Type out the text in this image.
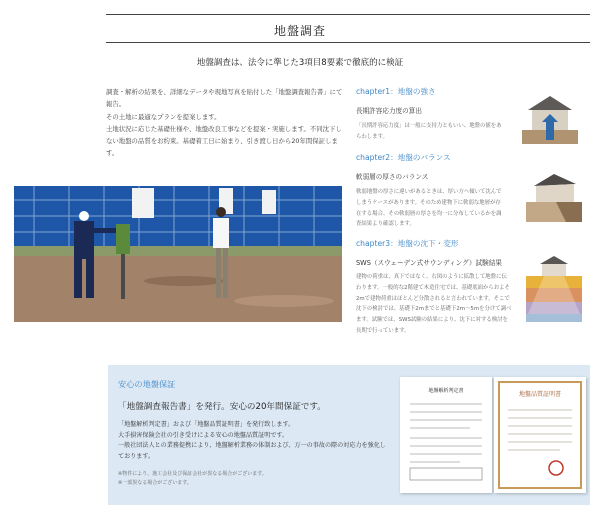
地盤調査
地盤調査は、法令に準じた3項目8要素で徹底的に検証

調査・解析の結果を、詳細なデータや現地写真を貼付した「地盤調査報告書」にて報告。

その土地に最適なプランを提案します。

土地状況に応じた基礎仕様や、地盤改良工事などを提案・実施します。不同沈下しない地盤の品質をお約束。基礎着工日に始まり、引き渡し日から20年間保証します。

chapter1：地盤の強さ
長期許容応力度の算出

「長期許容応力度」は一般に支持力ともいい、地盤の値をあらわします。

chapter2：地盤のバランス
軟弱層の厚さのバランス

軟弱地盤の厚さに違いがあるときは、厚い方へ傾いて沈んでしまうケースがあります。そのため建物下に軟弱な地層が存在する場合、その軟弱層の厚さを均一に分布しているかを調査結果より確認します。

chapter3：地盤の沈下・変形
SWS（スウェーデン式サウンディング）試験結果

建物の荷重は、真下ではなく、右図のように拡散して地盤に伝わります。一般的な2階建て木造住宅では、基礎底面からおよそ2mで建物荷重はほとんど分散されると言われています。そこで沈下の検討では、基礎下2mまでと基礎下2m〜5mを分けて調べます。試験では、SWS試験の結果により、沈下に対する検討を長期で行っています。

安心の地盤保証
「地盤調査報告書」を発行。安心の20年間保証です。

「地盤解析判定書」および「地盤品質証明書」を発行致します。

大手損害保険会社の引き受けによる安心の地盤品質証明です。

一般社団法人との業務提携により、地盤解析業務の体制および、万一の事故の際の対応力を強化しております。

※物件により、施工会社及び保証会社が異なる場合がございます。

※一部異なる場合がございます。

地盤解析判定書	地盤品質証明書
